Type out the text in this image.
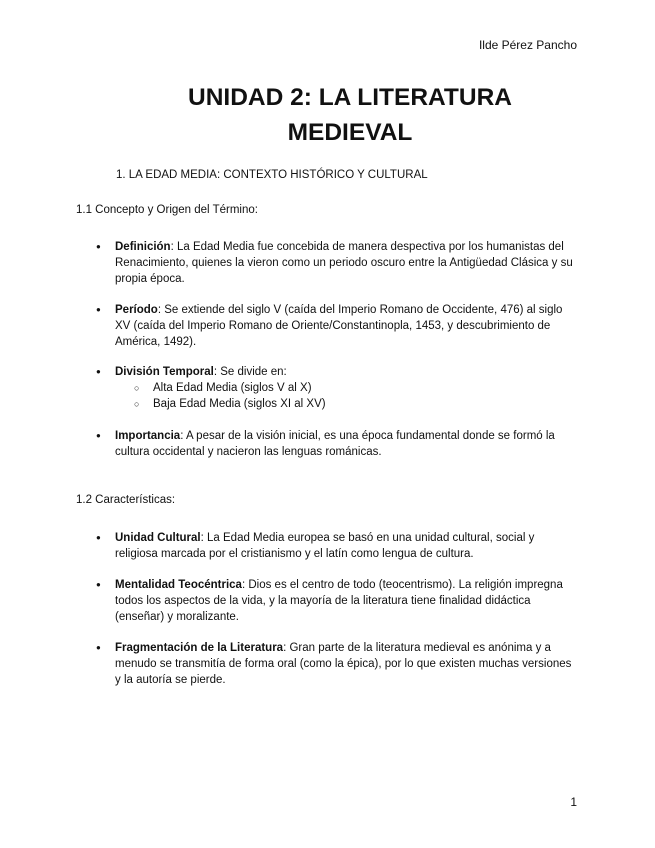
Ilde Pérez Pancho
UNIDAD 2: LA LITERATURA
MEDIEVAL
1. LA EDAD MEDIA: CONTEXTO HISTÓRICO Y CULTURAL
1.1 Concepto y Origen del Término:
● Definición: La Edad Media fue concebida de manera despectiva por los humanistas del Renacimiento, quienes la vieron como un periodo oscuro entre la Antigüedad Clásica y su propia época.
● Período: Se extiende del siglo V (caída del Imperio Romano de Occidente, 476) al siglo XV (caída del Imperio Romano de Oriente/Constantinopla, 1453, y descubrimiento de América, 1492).
● División Temporal: Se divide en:
○ Alta Edad Media (siglos V al X)
○ Baja Edad Media (siglos XI al XV)
● Importancia: A pesar de la visión inicial, es una época fundamental donde se formó la cultura occidental y nacieron las lenguas románicas.
1.2 Características:
● Unidad Cultural: La Edad Media europea se basó en una unidad cultural, social y religiosa marcada por el cristianismo y el latín como lengua de cultura.
● Mentalidad Teocéntrica: Dios es el centro de todo (teocentrismo). La religión impregna todos los aspectos de la vida, y la mayoría de la literatura tiene finalidad didáctica (enseñar) y moralizante.
● Fragmentación de la Literatura: Gran parte de la literatura medieval es anónima y a menudo se transmitía de forma oral (como la épica), por lo que existen muchas versiones y la autoría se pierde.
1
